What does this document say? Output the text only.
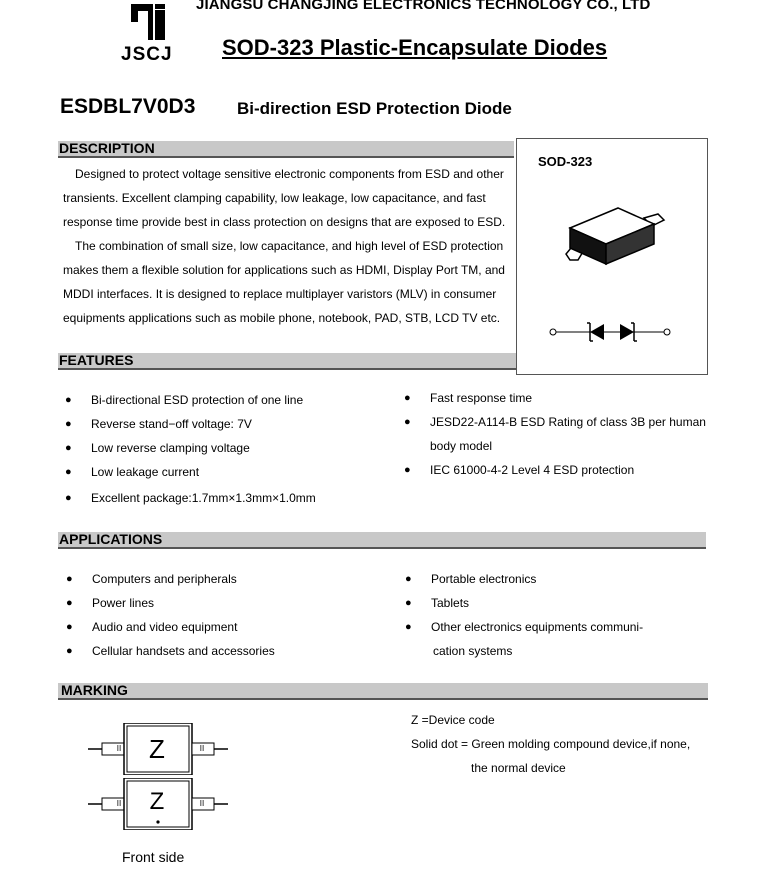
JSCJ
JIANGSU CHANGJING ELECTRONICS TECHNOLOGY CO., LTD
SOD-323 Plastic-Encapsulate Diodes
ESDBL7V0D3 Bi-direction ESD Protection Diode
DESCRIPTION

Designed to protect voltage sensitive electronic components from ESD and other

transients. Excellent clamping capability, low leakage, low capacitance, and fast

response time provide best in class protection on designs that are exposed to ESD.

The combination of small size, low capacitance, and high level of ESD protection

makes them a flexible solution for applications such as HDMI, Display Port TM, and

MDDI interfaces. It is designed to replace multiplayer varistors (MLV) in consumer

equipments applications such as mobile phone, notebook, PAD, STB, LCD TV etc.

SOD-323
FEATURES
● Bi-directional ESD protection of one line
● Reverse stand−off voltage: 7V
● Low reverse clamping voltage
● Low leakage current
● Excellent package:1.7mm×1.3mm×1.0mm
● Fast response time
● JESD22-A114-B ESD Rating of class 3B per human
body model
● IEC 61000-4-2 Level 4 ESD protection
APPLICATIONS
● Computers and peripherals
● Power lines
● Audio and video equipment
● Cellular handsets and accessories
● Portable electronics
● Tablets
● Other electronics equipments communi-
cation systems
MARKING
II	II
Z
II	II
Z
Front side
Z =Device code
Solid dot = Green molding compound device,if none,
the normal device
